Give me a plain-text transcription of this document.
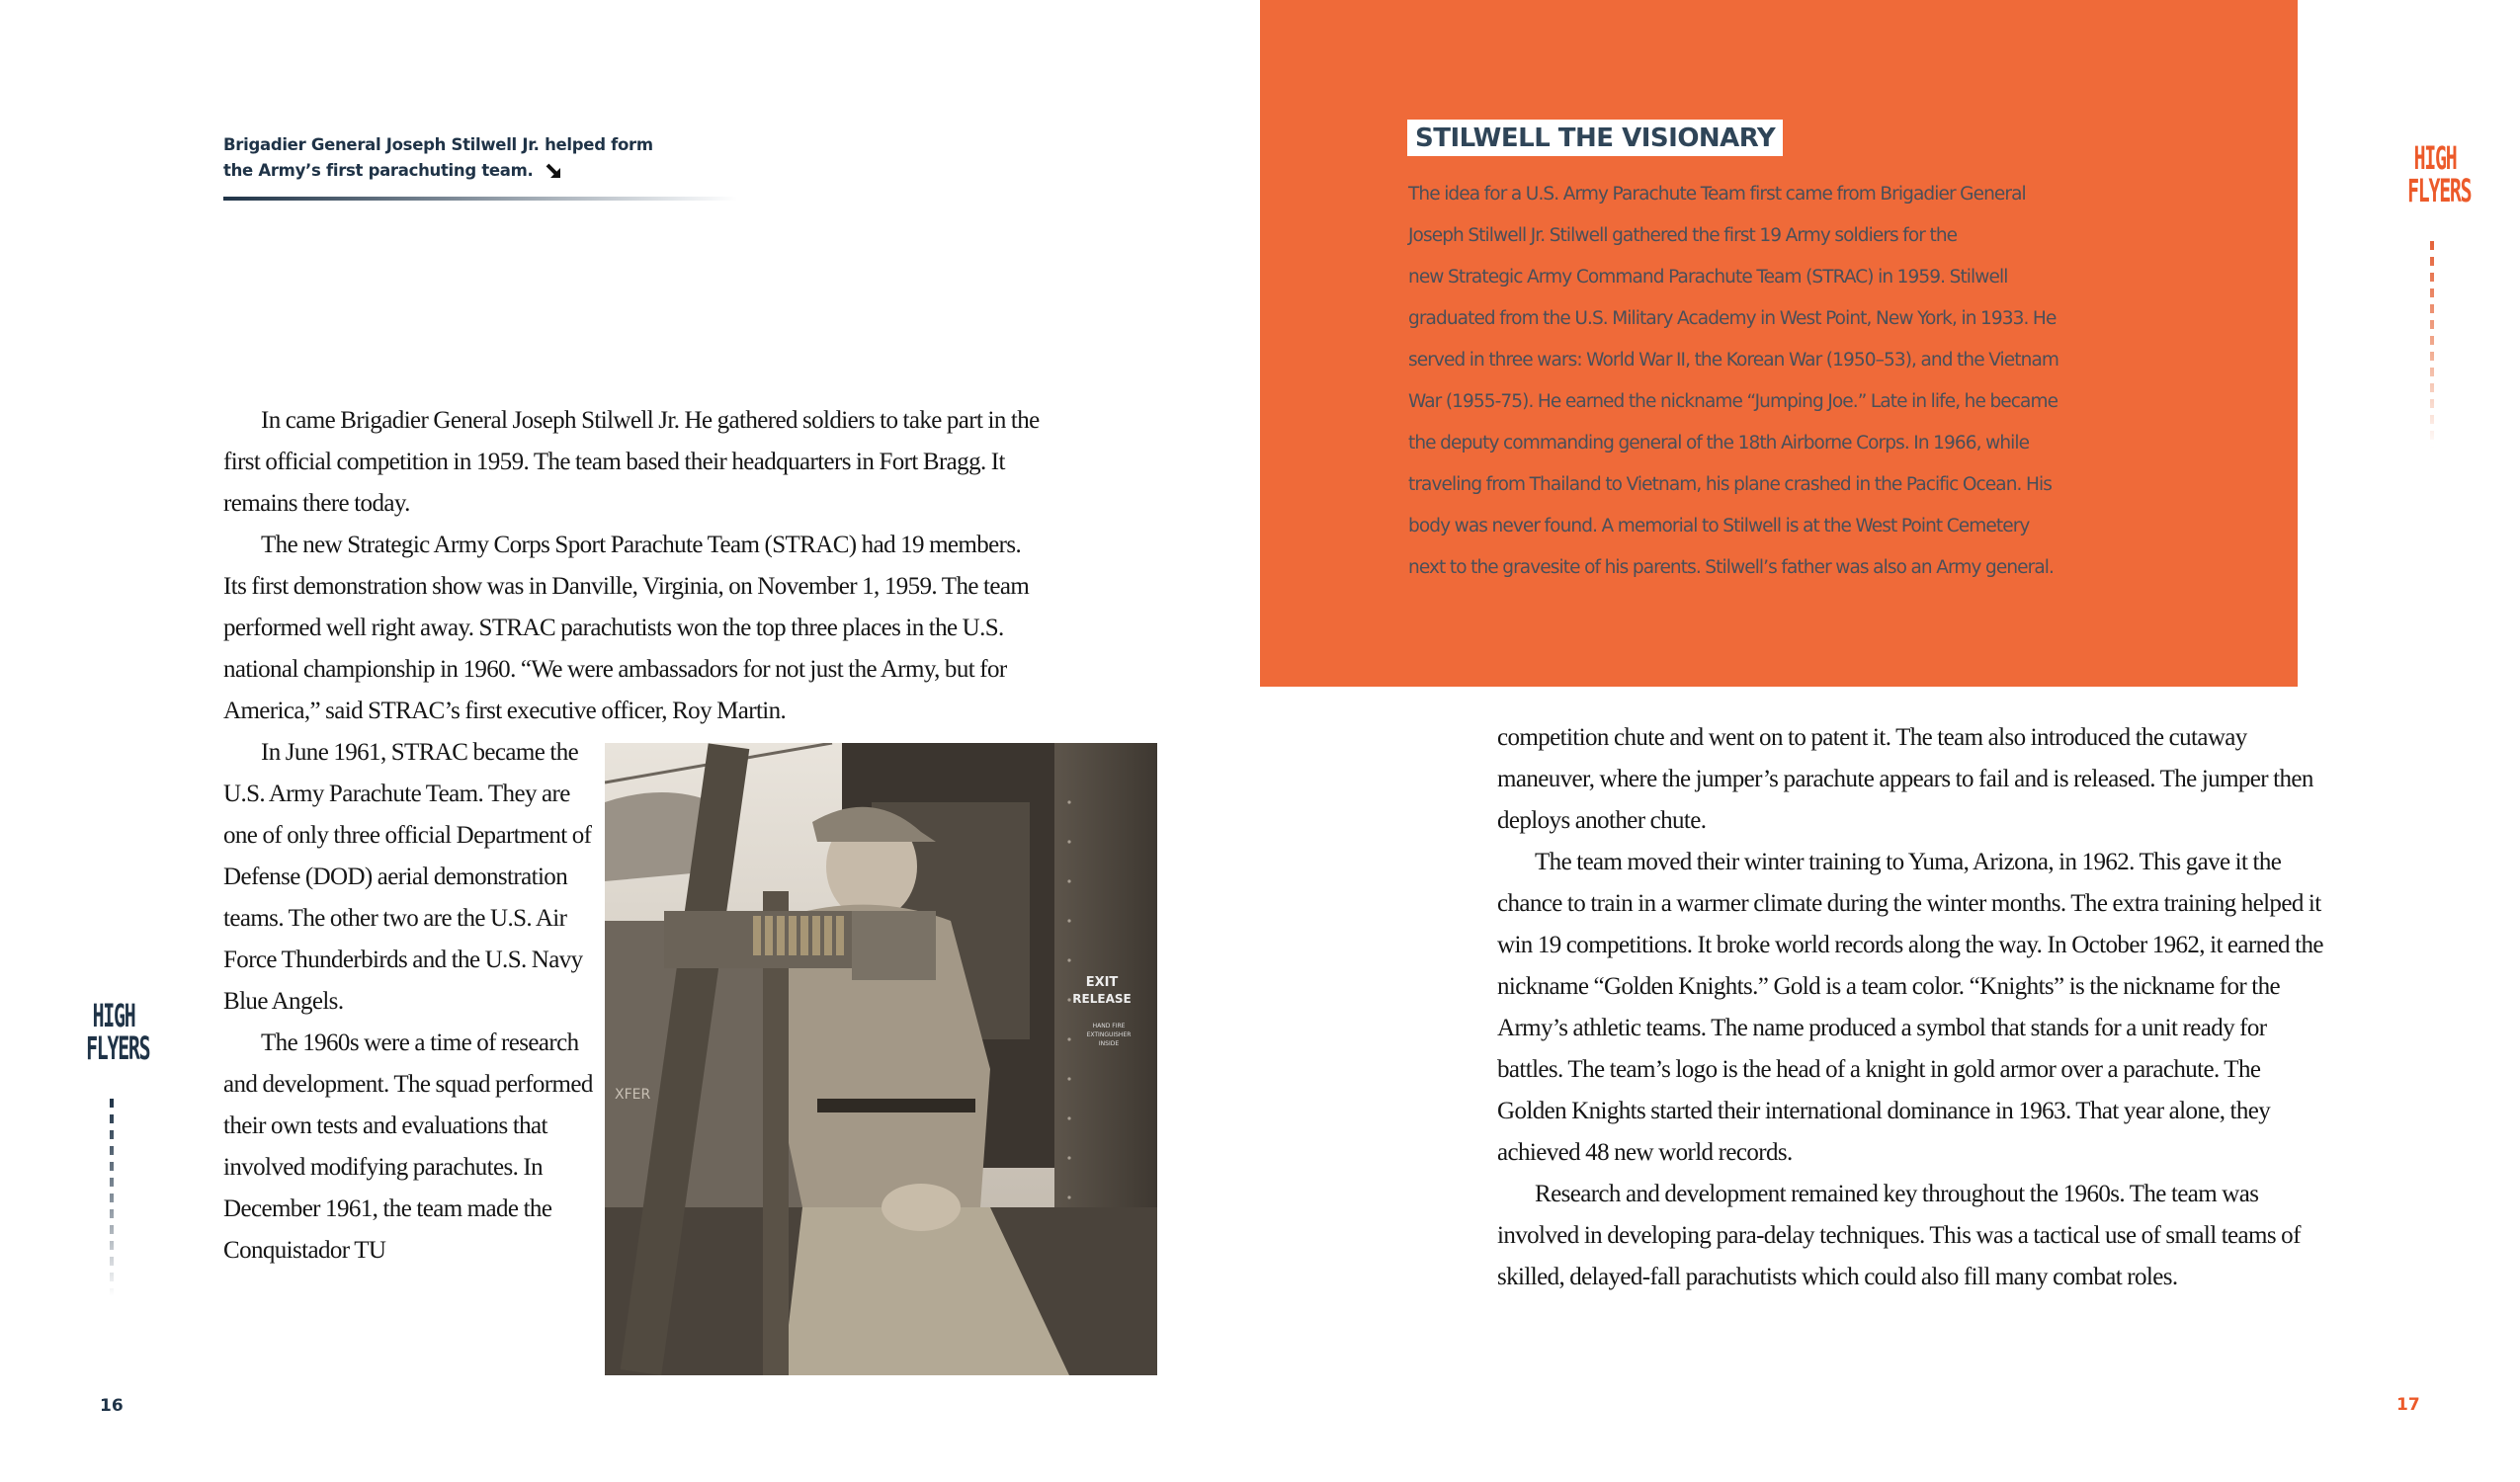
Brigadier General Joseph Stilwell Jr. helped form
the Army’s first parachuting team.

In came Brigadier General Joseph Stilwell Jr. He gathered soldiers to take part in the first official competition in 1959. The team based their headquarters in Fort Bragg. It remains there today.

The new Strategic Army Corps Sport Parachute Team (STRAC) had 19 members. Its first demonstration show was in Danville, Virginia, on November 1, 1959. The team performed well right away. STRAC parachutists won the top three places in the U.S. national championship in 1960. “We were ambassadors for not just the Army, but for America,” said STRAC’s first executive officer, Roy Martin.

In June 1961, STRAC became the U.S. Army Parachute Team. They are one of only three official Department of Defense (DOD) aerial demonstration teams. The other two are the U.S. Air Force Thunderbirds and the U.S. Navy Blue Angels.

The 1960s were a time of research and development. The squad performed their own tests and evaluations that involved modifying parachutes. In December 1961, the team made the Conquistador TU

EXIT
RELEASE
HAND FIRE
EXTINGUISHER
INSIDE
XFER
HIGH
FLYERS
16
STILWELL THE VISIONARY
The idea for a U.S. Army Parachute Team first came from Brigadier General
Joseph Stilwell Jr. Stilwell gathered the first 19 Army soldiers for the
new Strategic Army Command Parachute Team (STRAC) in 1959. Stilwell
graduated from the U.S. Military Academy in West Point, New York, in 1933. He
served in three wars: World War II, the Korean War (1950–53), and the Vietnam
War (1955-75). He earned the nickname “Jumping Joe.” Late in life, he became
the deputy commanding general of the 18th Airborne Corps. In 1966, while
traveling from Thailand to Vietnam, his plane crashed in the Pacific Ocean. His
body was never found. A memorial to Stilwell is at the West Point Cemetery
next to the gravesite of his parents. Stilwell’s father was also an Army general.

competition chute and went on to patent it. The team also introduced the cutaway maneuver, where the jumper’s parachute appears to fail and is released. The jumper then deploys another chute.

The team moved their winter training to Yuma, Arizona, in 1962. This gave it the chance to train in a warmer climate during the winter months. The extra training helped it win 19 competitions. It broke world records along the way. In October 1962, it earned the nickname “Golden Knights.” Gold is a team color. “Knights” is the nickname for the Army’s athletic teams. The name produced a symbol that stands for a unit ready for battles. The team’s logo is the head of a knight in gold armor over a parachute. The Golden Knights started their international dominance in 1963. That year alone, they achieved 48 new world records.

Research and development remained key throughout the 1960s. The team was involved in developing para-delay techniques. This was a tactical use of small teams of skilled, delayed-fall parachutists which could also fill many combat roles.

HIGH
FLYERS
17
